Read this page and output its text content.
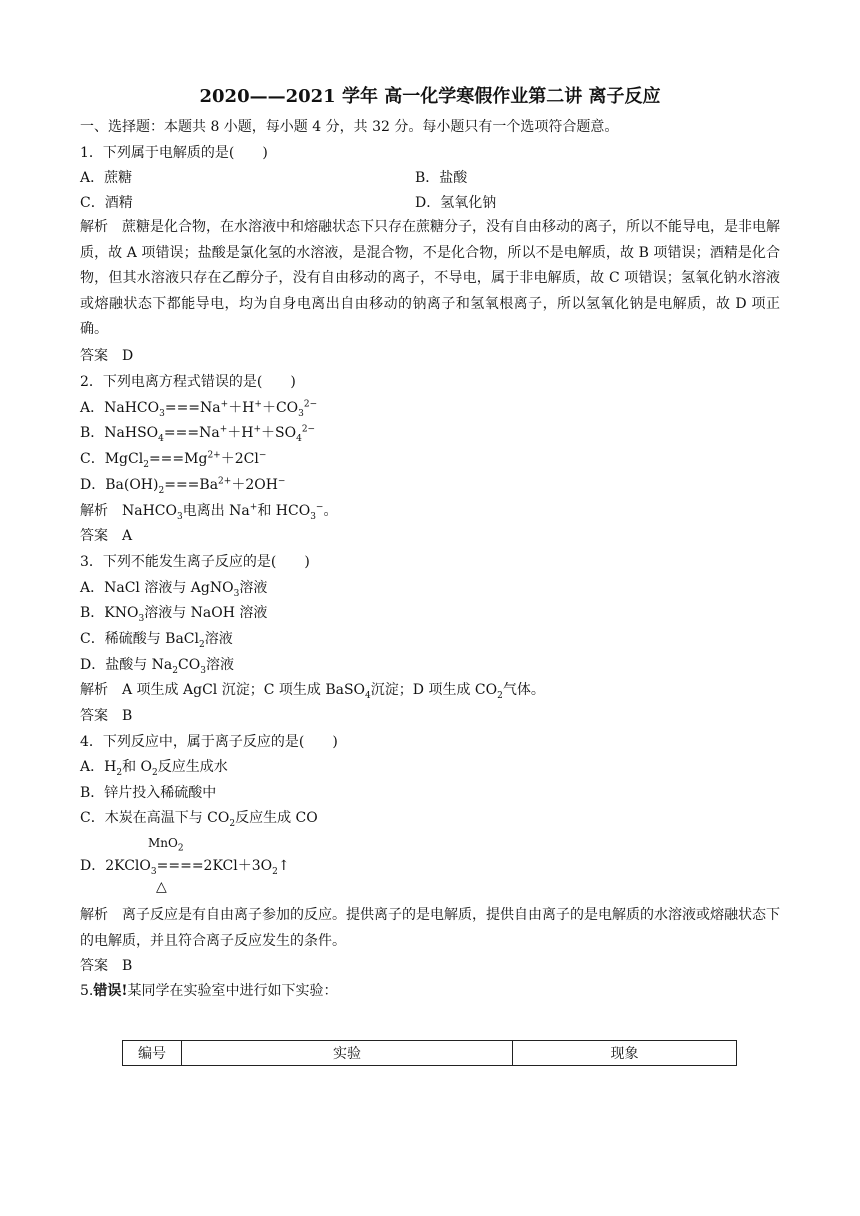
2020——2021 学年 高一化学寒假作业第二讲 离子反应
一、选择题：本题共 8 小题，每小题 4 分，共 32 分。每小题只有一个选项符合题意。
1．下列属于电解质的是(　　)
A．蔗糖	B．盐酸
C．酒精	D．氢氧化钠
解析　蔗糖是化合物，在水溶液中和熔融状态下只存在蔗糖分子，没有自由移动的离子，所以不能导电，是非电解质，故 A 项错误；盐酸是氯化氢的水溶液，是混合物，不是化合物，所以不是电解质，故 B 项错误；酒精是化合物，但其水溶液只存在乙醇分子，没有自由移动的离子，不导电，属于非电解质，故 C 项错误；氢氧化钠水溶液或熔融状态下都能导电，均为自身电离出自由移动的钠离子和氢氧根离子，所以氢氧化钠是电解质，故 D 项正确。
答案　D
2．下列电离方程式错误的是(　　)
A．$NaHCO_3===Na^++H^++CO_3^{2-}$
B．$NaHSO_4===Na^++H^++SO_4^{2-}$
C．$MgCl_2===Mg^{2+}+2Cl^-$
D．$Ba(OH)_2===Ba^{2+}+2OH^-$
解析　NaHCO$_3$电离出 Na+和 $HCO_3^-$。
答案　A
3．下列不能发生离子反应的是(　　)
A．NaCl 溶液与 AgNO$_3$溶液
B．$KNO_3$溶液与 NaOH 溶液
C．稀硫酸与 BaCl$_2$溶液
D．盐酸与 $Na_2CO_3$溶液
解析　A 项生成 AgCl 沉淀；C 项生成 BaSO$_4$沉淀；D 项生成 $CO_2$气体。
答案　B
4．下列反应中，属于离子反应的是(　　)
A．$H_2$和 $O_2$反应生成水
B．锌片投入稀硫酸中
C．木炭在高温下与 $CO_2$反应生成 CO
MnO$_2$
D．$2KClO_3====2KCl+3O_2↑$
△
解析　离子反应是有自由离子参加的反应。提供离子的是电解质，提供自由离子的是电解质的水溶液或熔融状态下的电解质，并且符合离子反应发生的条件。
答案　B
5.错误!某同学在实验室中进行如下实验：
编号	实验	现象
